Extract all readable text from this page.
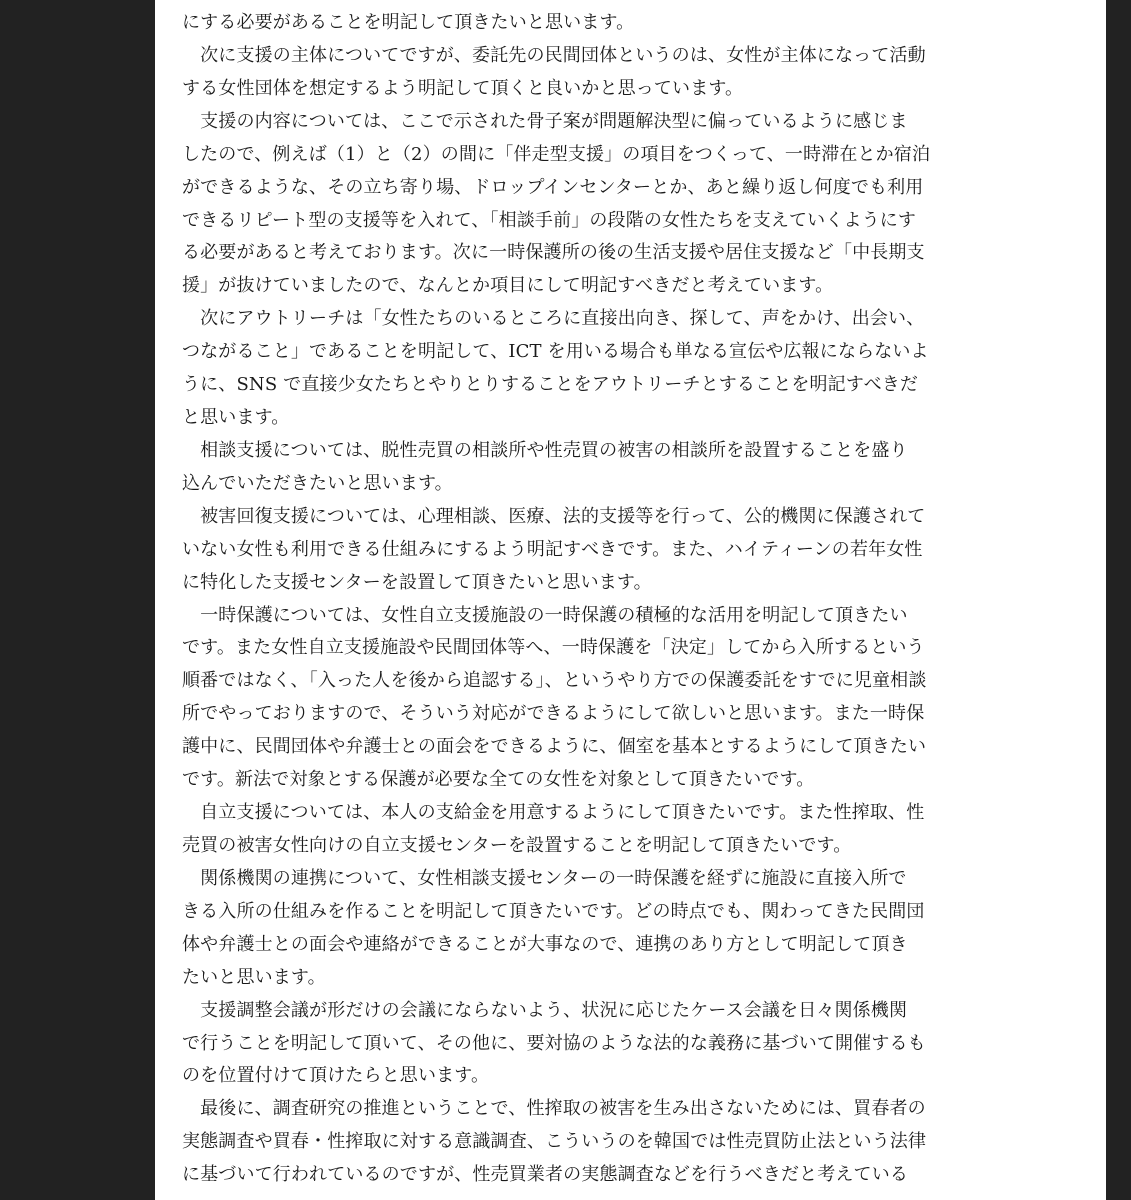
にする必要があることを明記して頂きたいと思います。
　次に支援の主体についてですが、委託先の民間団体というのは、女性が主体になって活動
する女性団体を想定するよう明記して頂くと良いかと思っています。
　支援の内容については、ここで示された骨子案が問題解決型に偏っているように感じま
したので、例えば（1）と（2）の間に「伴走型支援」の項目をつくって、一時滞在とか宿泊
ができるような、その立ち寄り場、ドロップインセンターとか、あと繰り返し何度でも利用
できるリピート型の支援等を入れて、「相談手前」の段階の女性たちを支えていくようにす
る必要があると考えております。次に一時保護所の後の生活支援や居住支援など「中長期支
援」が抜けていましたので、なんとか項目にして明記すべきだと考えています。
　次にアウトリーチは「女性たちのいるところに直接出向き、探して、声をかけ、出会い、
つながること」であることを明記して、ICT を用いる場合も単なる宣伝や広報にならないよ
うに、SNS で直接少女たちとやりとりすることをアウトリーチとすることを明記すべきだ
と思います。
　相談支援については、脱性売買の相談所や性売買の被害の相談所を設置することを盛り
込んでいただきたいと思います。
　被害回復支援については、心理相談、医療、法的支援等を行って、公的機関に保護されて
いない女性も利用できる仕組みにするよう明記すべきです。また、ハイティーンの若年女性
に特化した支援センターを設置して頂きたいと思います。
　一時保護については、女性自立支援施設の一時保護の積極的な活用を明記して頂きたい
です。また女性自立支援施設や民間団体等へ、一時保護を「決定」してから入所するという
順番ではなく、「入った人を後から追認する」、というやり方での保護委託をすでに児童相談
所でやっておりますので、そういう対応ができるようにして欲しいと思います。また一時保
護中に、民間団体や弁護士との面会をできるように、個室を基本とするようにして頂きたい
です。新法で対象とする保護が必要な全ての女性を対象として頂きたいです。
　自立支援については、本人の支給金を用意するようにして頂きたいです。また性搾取、性
売買の被害女性向けの自立支援センターを設置することを明記して頂きたいです。
　関係機関の連携について、女性相談支援センターの一時保護を経ずに施設に直接入所で
きる入所の仕組みを作ることを明記して頂きたいです。どの時点でも、関わってきた民間団
体や弁護士との面会や連絡ができることが大事なので、連携のあり方として明記して頂き
たいと思います。
　支援調整会議が形だけの会議にならないよう、状況に応じたケース会議を日々関係機関
で行うことを明記して頂いて、その他に、要対協のような法的な義務に基づいて開催するも
のを位置付けて頂けたらと思います。
　最後に、調査研究の推進ということで、性搾取の被害を生み出さないためには、買春者の
実態調査や買春・性搾取に対する意識調査、こういうのを韓国では性売買防止法という法律
に基づいて行われているのですが、性売買業者の実態調査などを行うべきだと考えている
